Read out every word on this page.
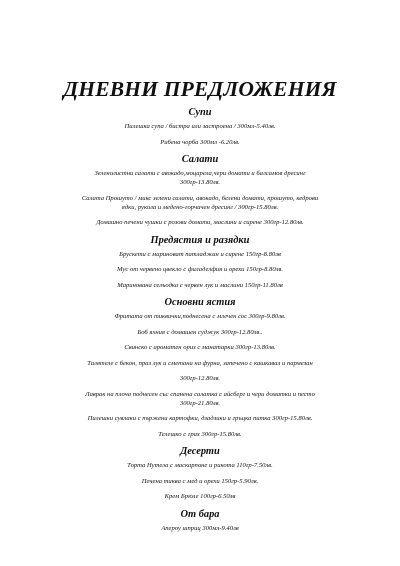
ДНЕВНИ ПРЕДЛОЖЕНИЯ
Супи
Пилешка супа / бистра или застроена / 300мл-5.40лв.
Рибена чорба 300мл -6.20лв.
Салати
Зеленолистни салати с авокадо,моцарела,чери домати и балсамов дресинг
300гр-13.80лв.
Салата Прошуто / микс зелени салати, авокадо, белени домати, прошуто, кедрови
ядки, рукола и медено-горчичен дресинг / 300гр-15.80лв.
Домашно печени чушки с розови домати, маслини и сирене 300гр-12.80лв.
Предястия и разядки
Брускети с мариноват патладжан и сирене 150гр-8.80лв
Мус от червено цвекло с филаделфия и орехи 150гр-8.80лв.
Маринована селъодка с червен лук и маслини 150гр-11.80лв
Основни ястия
Фритата от тиквички,поднесена с млечен сос 300гр-9.80лв.
Боб яхния с домашен суджук 300гр-12.80лв..
Свинско с ароматен ориз с манатарки 300гр-13.80лв.
Талятеле с бекон, праз лук и сметана на фурна, запечено с кашкавал и пармезан
300гр-12.80лв.
Лаврак на плоча поднесен със спанена салатка с айсберг и чери доматки и песто
300гр-21.80лв.
Пилешки сувлаки с пържени картофки, дзадзики и гръцка питка 300гр-15.80лв.
Телешко с грах 300гр-15.80лв.
Десерти
Торта Нутела с маскарпоне и рикота 110гр-7.50лв.
Печена тиква с мед и орехи 150гр-5.90лв.
Крем Брюле 100гр-6.50лв
От бара
Апероу шприц 300мл-9.40лв
